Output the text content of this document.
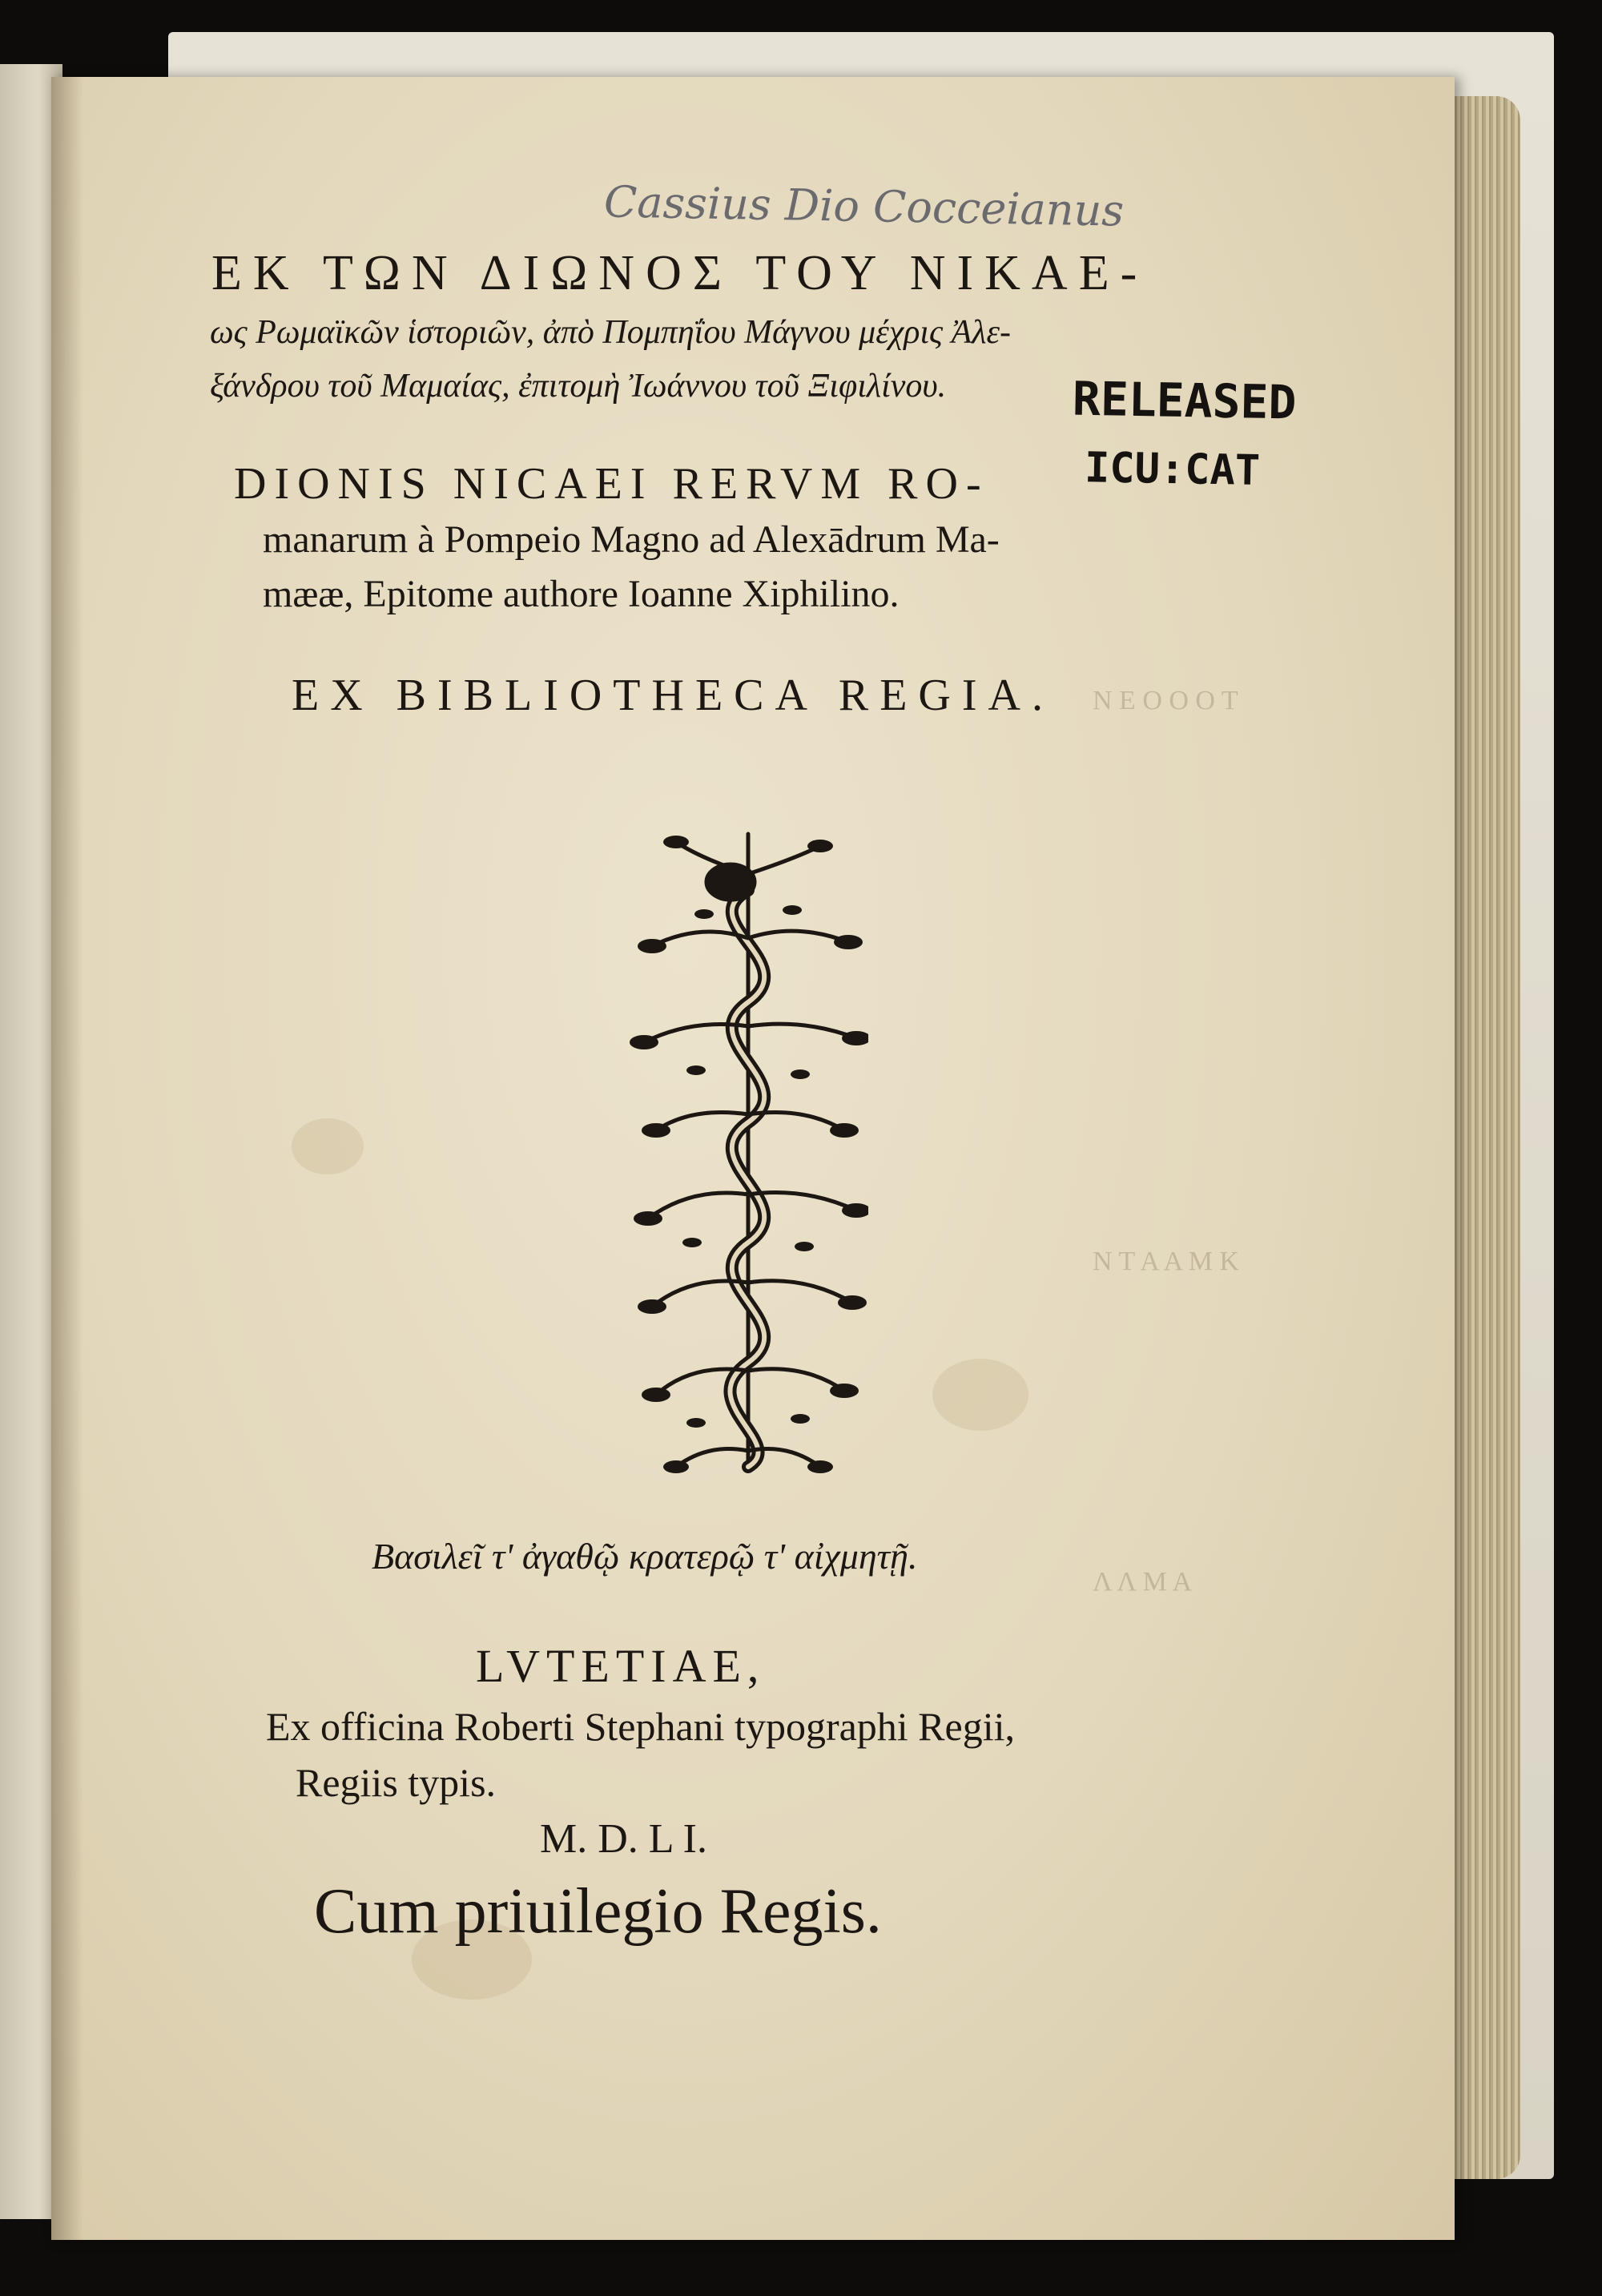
Ν Ε Ο Ο Ο Τ
Ν Τ Α Α Μ Κ
Λ Λ Μ Α
Cassius Dio Cocceianus
RELEASED
ICU:CAT
ΕΚ ΤΩΝ ΔΙΩΝΟΣ ΤΟΥ ΝΙΚΑΕ-
ως Ρωμαϊκῶν ἱστοριῶν, ἀπὸ Πομπηΐου Μάγνου μέχρις Ἀλε-
ξάνδρου τοῦ Μαμαίας, ἐπιτομὴ Ἰωάννου τοῦ Ξιφιλίνου.
DIONIS NICAEI RERVM RO-
manarum à Pompeio Magno ad Alexādrum Ma-
mææ, Epitome authore Ioanne Xiphilino.
EX BIBLIOTHECA REGIA.
Βασιλεῖ τ' ἀγαθῷ κρατερῷ τ' αἰχμητῇ.
LVTETIAE,
Ex officina Roberti Stephani typographi Regii,
Regiis typis.
M. D. L I.
Cum priuilegio Regis.
